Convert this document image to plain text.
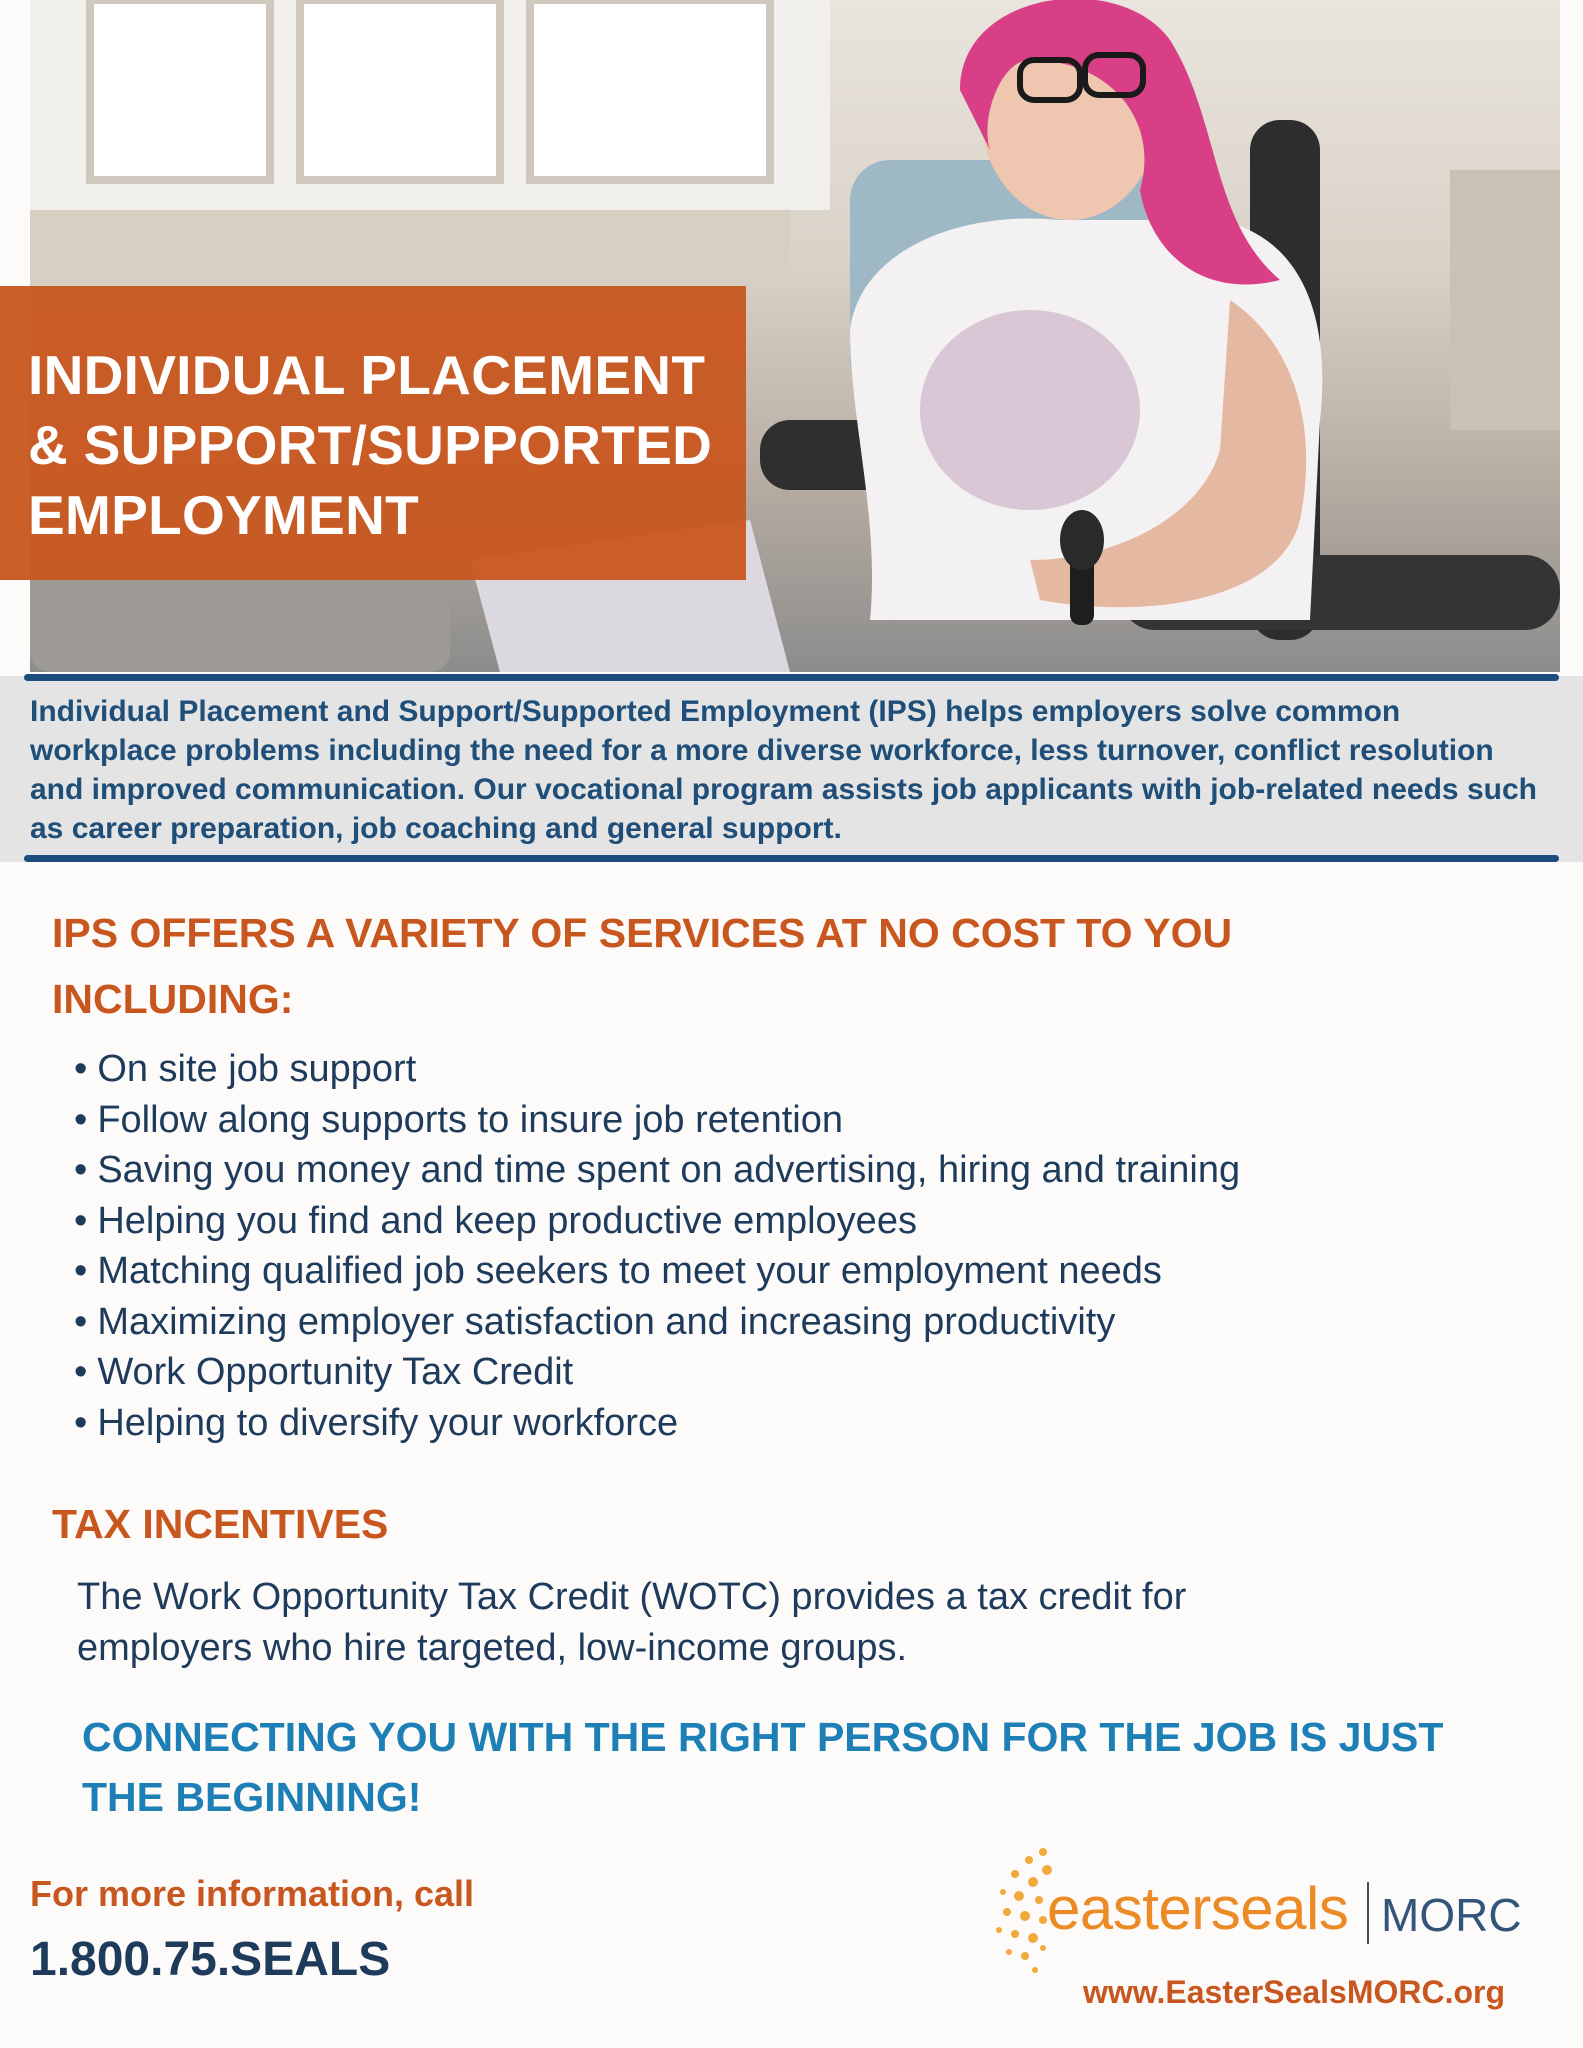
INDIVIDUAL PLACEMENT
& SUPPORT/SUPPORTED
EMPLOYMENT
Individual Placement and Support/Supported Employment (IPS) helps employers solve common workplace problems including the need for a more diverse workforce, less turnover, conflict resolution and improved communication. Our vocational program assists job applicants with job-related needs such as career preparation, job coaching and general support.
IPS OFFERS A VARIETY OF SERVICES AT NO COST TO YOU INCLUDING:
• On site job support
• Follow along supports to insure job retention
• Saving you money and time spent on advertising, hiring and training
• Helping you find and keep productive employees
• Matching qualified job seekers to meet your employment needs
• Maximizing employer satisfaction and increasing productivity
• Work Opportunity Tax Credit
• Helping to diversify your workforce
TAX INCENTIVES
The Work Opportunity Tax Credit (WOTC) provides a tax credit for employers who hire targeted, low-income groups.
CONNECTING YOU WITH THE RIGHT PERSON FOR THE JOB IS JUST THE BEGINNING!
For more information, call
1.800.75.SEALS
easterseals MORC
www.EasterSealsMORC.org
